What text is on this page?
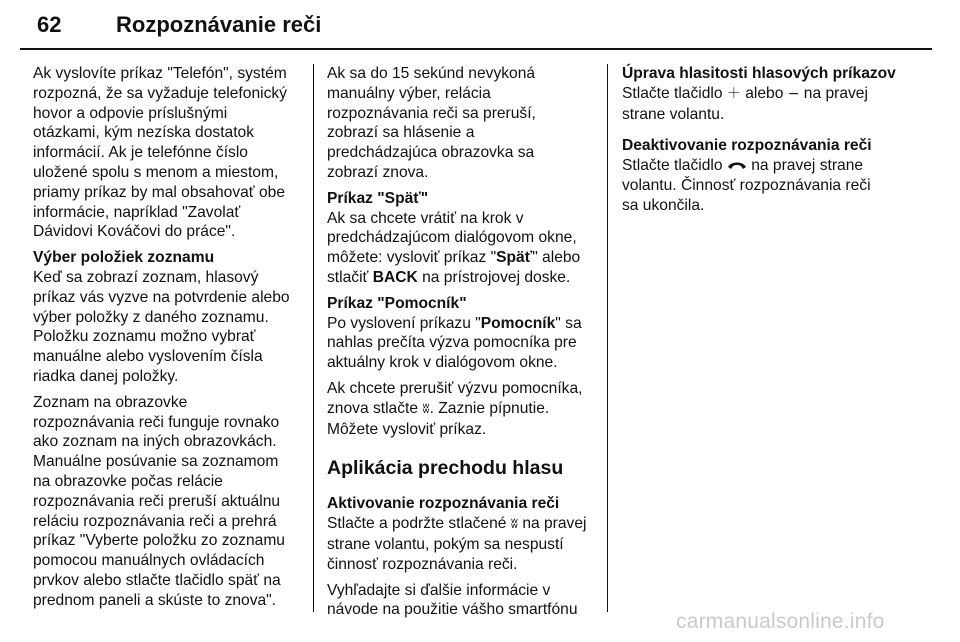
62 Rozpoznávanie reči

Ak vyslovíte príkaz "Telefón", systém
rozpozná, že sa vyžaduje telefonický
hovor a odpovie príslušnými
otázkami, kým nezíska dostatok
informácií. Ak je telefónne číslo
uložené spolu s menom a miestom,
priamy príkaz by mal obsahovať obe
informácie, napríklad "Zavolať
Dávidovi Kováčovi do práce".

Výber položiek zoznamu

Keď sa zobrazí zoznam, hlasový
príkaz vás vyzve na potvrdenie alebo
výber položky z daného zoznamu.
Položku zoznamu možno vybrať
manuálne alebo vyslovením čísla
riadka danej položky.

Zoznam na obrazovke
rozpoznávania reči funguje rovnako
ako zoznam na iných obrazovkách.
Manuálne posúvanie sa zoznamom
na obrazovke počas relácie
rozpoznávania reči preruší aktuálnu
reláciu rozpoznávania reči a prehrá
príkaz "Vyberte položku zo zoznamu
pomocou manuálnych ovládacích
prvkov alebo stlačte tlačidlo späť na
prednom paneli a skúste to znova".

Ak sa do 15 sekúnd nevykoná
manuálny výber, relácia
rozpoznávania reči sa preruší,
zobrazí sa hlásenie a
predchádzajúca obrazovka sa
zobrazí znova.

Príkaz "Späť"

Ak sa chcete vrátiť na krok v
predchádzajúcom dialógovom okne,
môžete: vysloviť príkaz "Späť" alebo
stlačiť BACK na prístrojovej doske.

Príkaz "Pomocník"

Po vyslovení príkazu "Pomocník" sa
nahlas prečíta výzva pomocníka pre
aktuálny krok v dialógovom okne.

Ak chcete prerušiť výzvu pomocníka,
znova stlačte ʬ. Zaznie pípnutie.
Môžete vysloviť príkaz.

Aplikácia prechodu hlasu

Aktivovanie rozpoznávania reči

Stlačte a podržte stlačené ʬ na pravej
strane volantu, pokým sa nespustí
činnosť rozpoznávania reči.

Vyhľadajte si ďalšie informácie v
návode na použitie vášho smartfónu

Úprava hlasitosti hlasových príkazov

Stlačte tlačidlo ＋ alebo − na pravej
strane volantu.

Deaktivovanie rozpoznávania reči

Stlačte tlačidlo  na pravej strane
volantu. Činnosť rozpoznávania reči
sa ukončila.

carmanualsonline.info
